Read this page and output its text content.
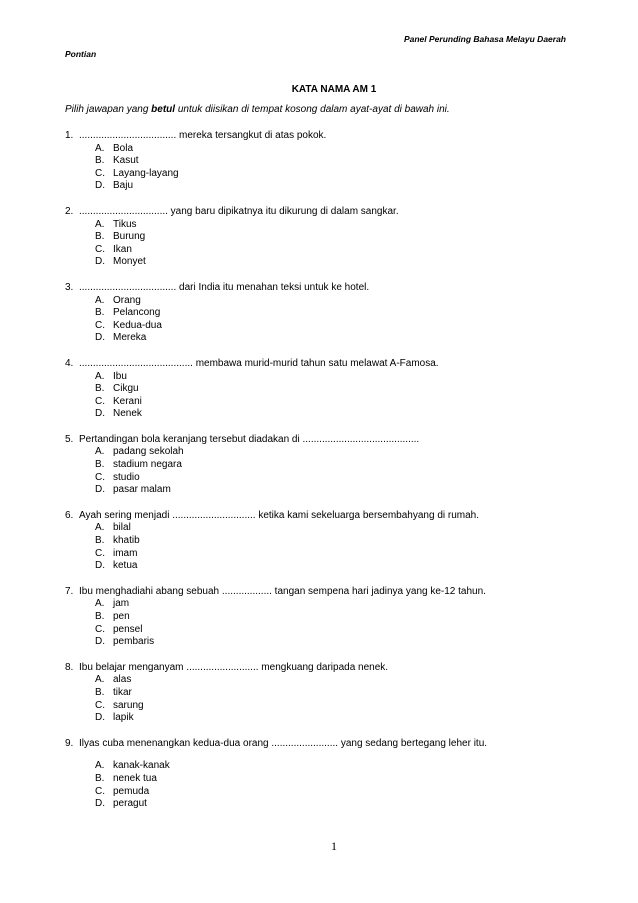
Panel Perunding Bahasa Melayu Daerah
Pontian
KATA NAMA AM 1
Pilih jawapan yang betul untuk diisikan di tempat kosong dalam ayat-ayat di bawah ini.
1. ................................... mereka tersangkut di atas pokok.
A. Bola
B. Kasut
C. Layang-layang
D. Baju
2. ................................ yang baru dipikatnya itu dikurung di dalam sangkar.
A. Tikus
B. Burung
C. Ikan
D. Monyet
3. ................................... dari India itu menahan teksi untuk ke hotel.
A. Orang
B. Pelancong
C. Kedua-dua
D. Mereka
4. ......................................... membawa murid-murid tahun satu melawat A-Famosa.
A. Ibu
B. Cikgu
C. Kerani
D. Nenek
5. Pertandingan bola keranjang tersebut diadakan di ..........................................
A. padang sekolah
B. stadium negara
C. studio
D. pasar malam
6. Ayah sering menjadi .............................. ketika kami sekeluarga bersembahyang di rumah.
A. bilal
B. khatib
C. imam
D. ketua
7. Ibu menghadiahi abang sebuah .................. tangan sempena hari jadinya yang ke-12 tahun.
A. jam
B. pen
C. pensel
D. pembaris
8. Ibu belajar menganyam .......................... mengkuang daripada nenek.
A. alas
B. tikar
C. sarung
D. lapik
9. Ilyas cuba menenangkan kedua-dua orang ........................ yang sedang bertegang leher itu.
A. kanak-kanak
B. nenek tua
C. pemuda
D. peragut
1
